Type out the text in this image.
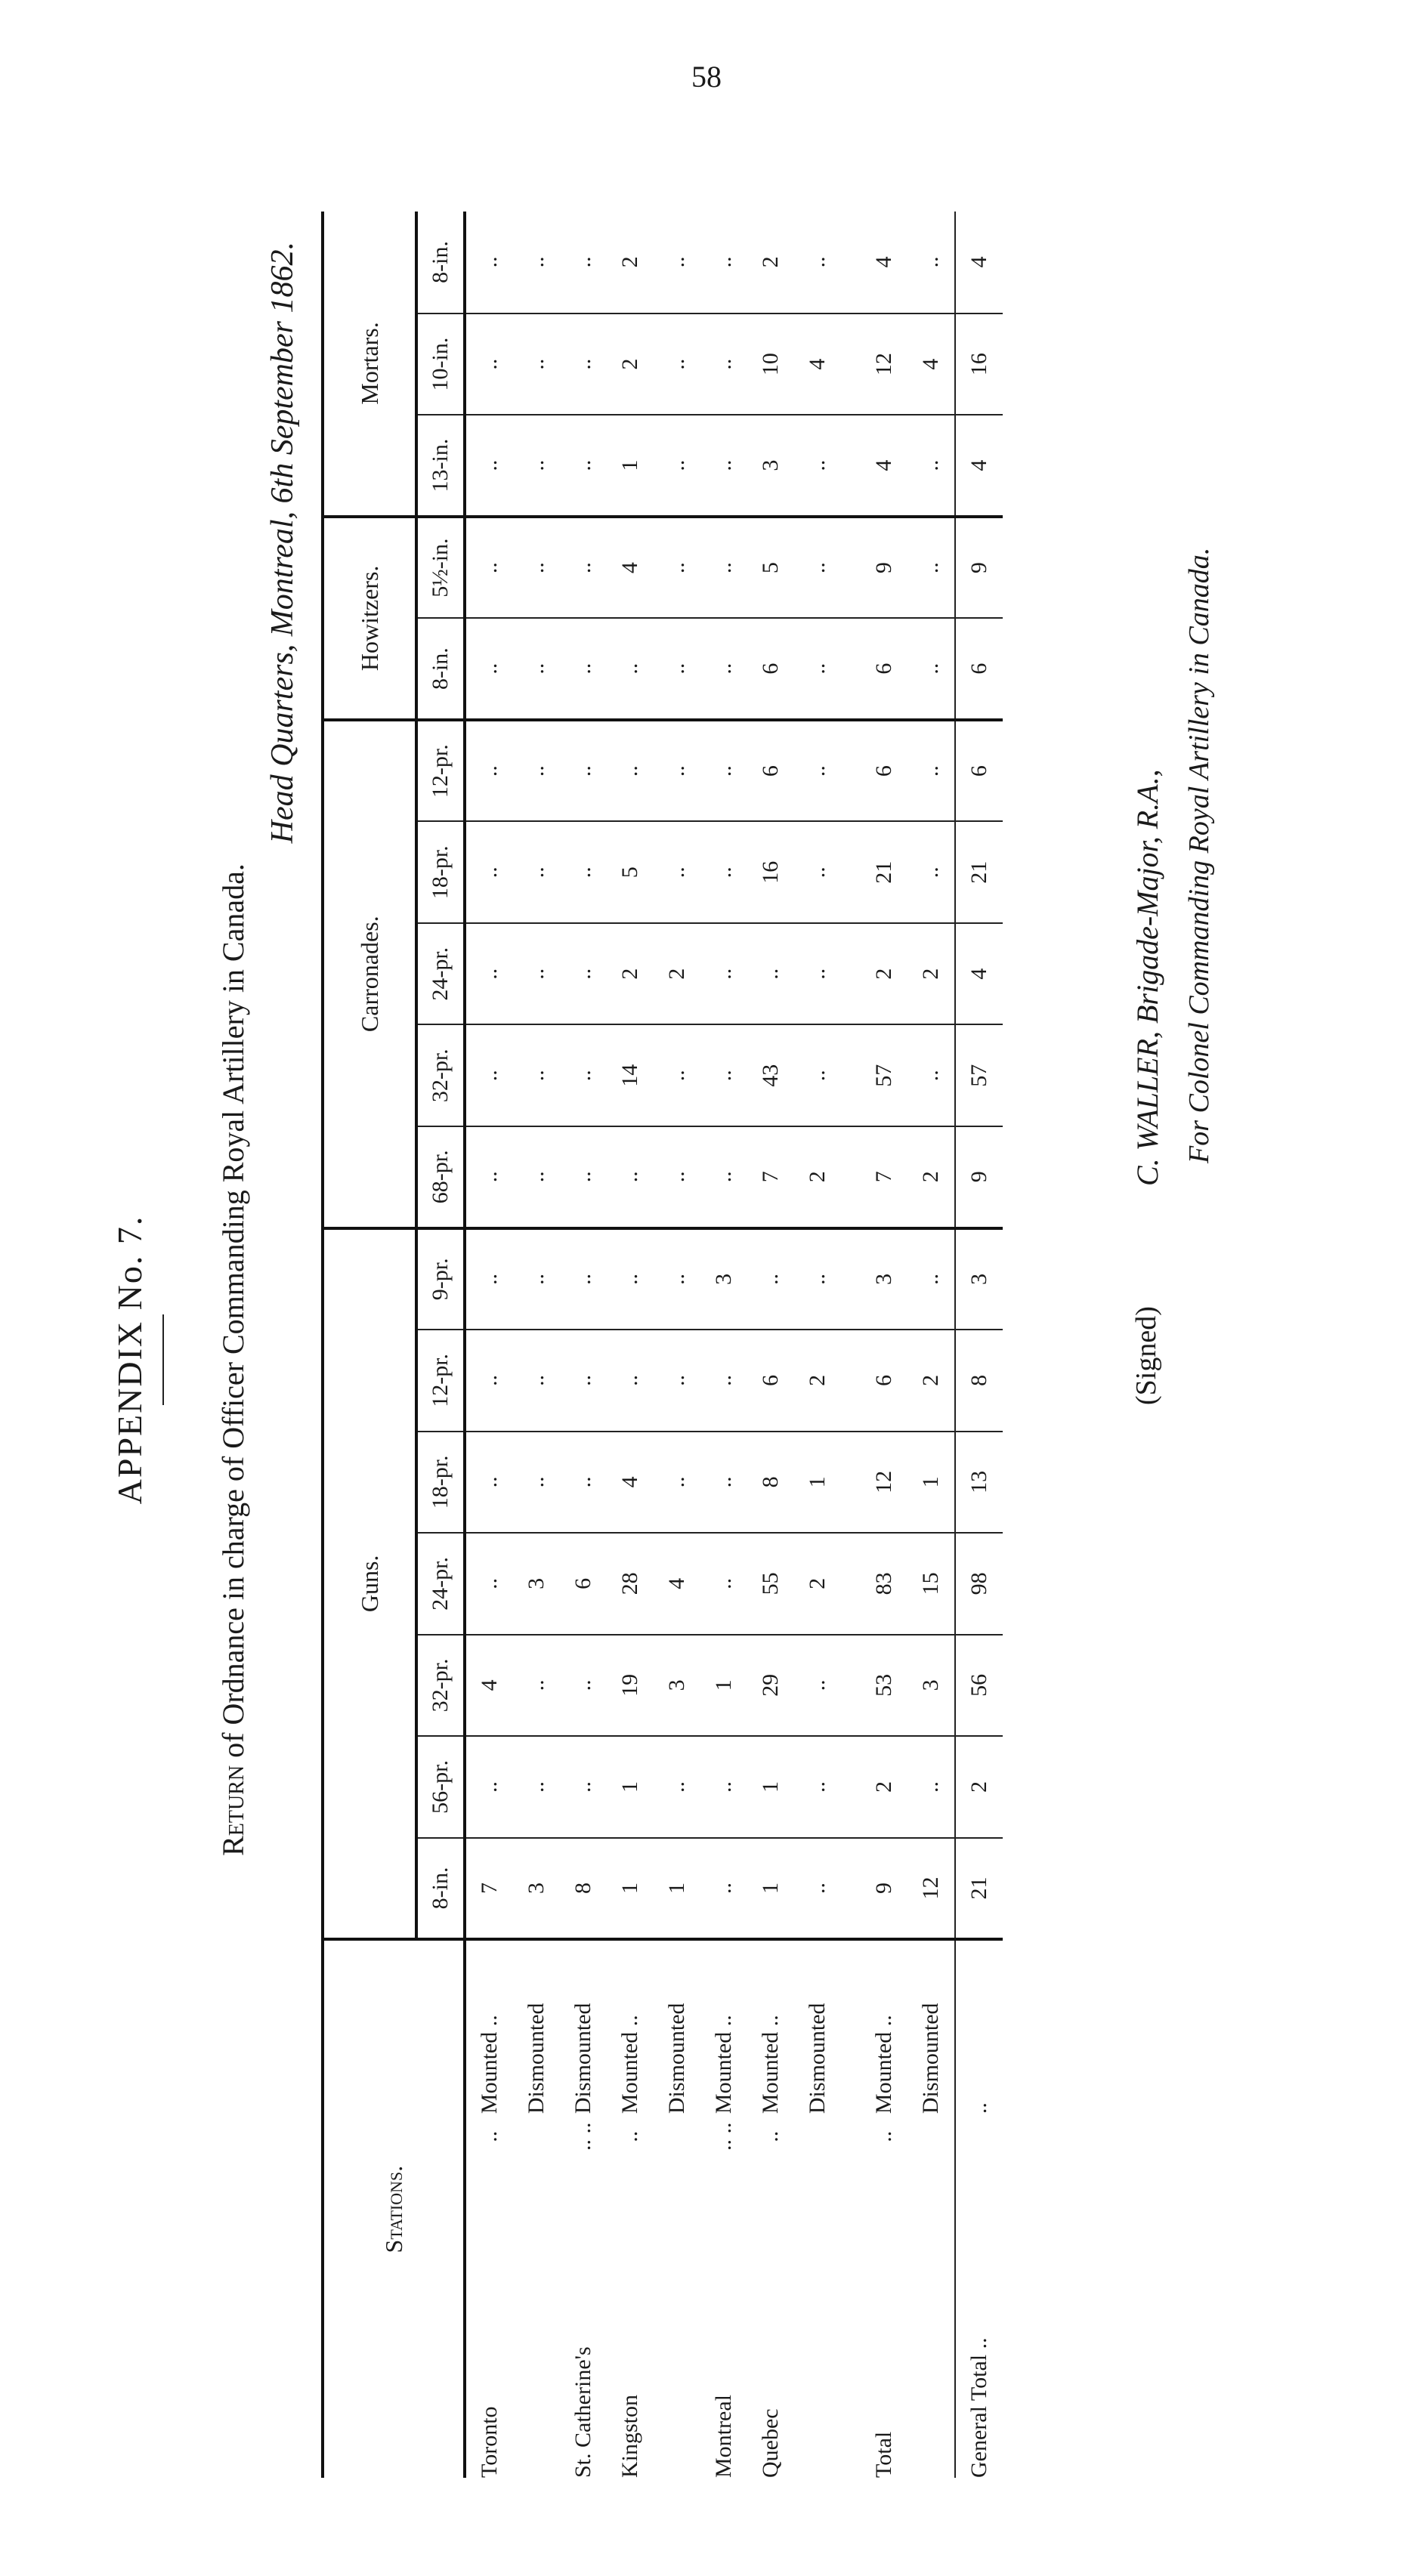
58
APPENDIX No. 7.
Return of Ordnance in charge of Officer Commanding Royal Artillery in Canada.
Head Quarters, Montreal, 6th September 1862.
Stations.			Guns.							Carronades.					Howitzers.		Mortars.		
			8-in.	56-pr.	32-pr.	24-pr.	18-pr.	12-pr.	9-pr.	68-pr.	32-pr.	24-pr.	18-pr.	12-pr.	8-in.	5½-in.	13-in.	10-in.	8-in.
Toronto	..	Mounted ..	7	..	4	..	..	..	..	..	..	..	..	..	..	..	..	..	..
		Dismounted	3	..	..	3	..	..	..	..	..	..	..	..	..	..	..	..	..
St. Catherine's	.. ..	Dismounted	8	..	..	6	..	..	..	..	..	..	..	..	..	..	..	..	..
Kingston	..	Mounted ..	1	1	19	28	4	..	..	..	14	2	5	..	..	4	1	2	2
		Dismounted	1	..	3	4	..	..	..	..	..	2	..	..	..	..	..	..	..
Montreal	.. ..	Mounted ..	..	..	1	..	..	..	3	..	..	..	..	..	..	..	..	..	..
Quebec	..	Mounted ..	1	1	29	55	8	6	..	7	43	..	16	6	6	5	3	10	2
		Dismounted	..	..	..	2	1	2	..	2	..	..	..	..	..	..	..	4	..
Total	..	Mounted ..	9	2	53	83	12	6	3	7	57	2	21	6	6	9	4	12	4
		Dismounted	12	..	3	15	1	2	..	2	..	2	..	..	..	..	..	4	..
General Total ..		..	21	2	56	98	13	8	3	9	57	4	21	6	6	9	4	16	4
(Signed)
C. WALLER, Brigade-Major, R.A., For Colonel Commanding Royal Artillery in Canada.
